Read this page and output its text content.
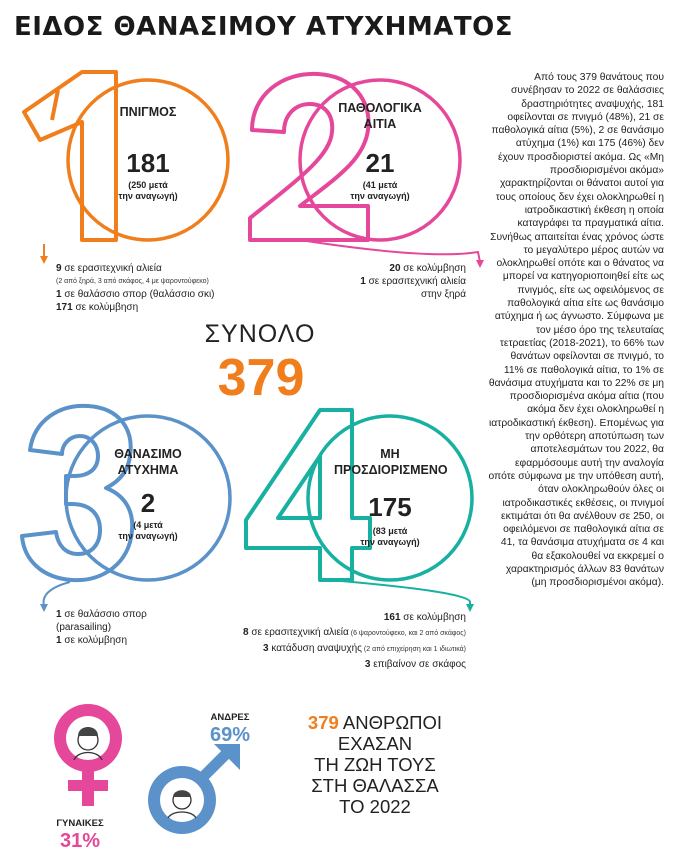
ΕΙΔΟΣ ΘΑΝΑΣΙΜΟΥ ΑΤΥΧΗΜΑΤΟΣ
ΠΝΙΓΜΟΣ
181
(250 μετά
την αναγωγή)
ΠΑΘΟΛΟΓΙΚΑ
ΑΙΤΙΑ
21
(41 μετά
την αναγωγή)
9 σε ερασιτεχνική αλιεία
(2 από ξηρά, 3 από σκάφος, 4 με ψαροντούφεκο)
1 σε θαλάσσιο σπορ (θαλάσσιο σκι)
171 σε κολύμβηση
20 σε κολύμβηση
1 σε ερασιτεχνική αλιεία
στην ξηρά
ΣΥΝΟΛΟ
379
ΘΑΝΑΣΙΜΟ
ΑΤΥΧΗΜΑ
2
(4 μετά
την αναγωγή)
ΜΗ
ΠΡΟΣΔΙΟΡΙΣΜΕΝΟ
175
(83 μετά
την αναγωγή)
1 σε θαλάσσιο σπορ
(parasailing)
1 σε κολύμβηση
161 σε κολύμβηση
8 σε ερασιτεχνική αλιεία (6 ψαροντούφεκο, και 2 από σκάφος)
3 κατάδυση αναψυχής (2 από επιχείρηση και 1 ιδιωτικά)
3 επιβαίνον σε σκάφος
Από τους 379 θανάτους που συνέβησαν το 2022 σε θαλάσσιες δραστηριότητες αναψυχής, 181 οφείλονται σε πνιγμό (48%), 21 σε παθολογικά αίτια (5%), 2 σε θανάσιμο ατύχημα (1%) και 175 (46%) δεν έχουν προσδιοριστεί ακόμα. Ως «Μη προσδιορισμένοι ακόμα» χαρακτηρίζονται οι θάνατοι αυτοί για τους οποίους δεν έχει ολοκληρωθεί η ιατροδικαστική έκθεση η οποία καταγράφει τα πραγματικά αίτια. Συνήθως απαιτείται ένας χρόνος ώστε το μεγαλύτερο μέρος αυτών να ολοκληρωθεί οπότε και ο θάνατος να μπορεί να κατηγοριοποιηθεί είτε ως πνιγμός, είτε ως οφειλόμενος σε παθολογικά αίτια είτε ως θανάσιμο ατύχημα ή ως άγνωστο. Σύμφωνα με τον μέσο όρο της τελευταίας τετραετίας (2018-2021), το 66% των θανάτων οφείλονται σε πνιγμό, το 11% σε παθολογικά αίτια, το 1% σε θανάσιμα ατυχήματα και το 22% σε μη προσδιορισμένα ακόμα αίτια (που ακόμα δεν έχει ολοκληρωθεί η ιατροδικαστική έκθεση). Επομένως για την ορθότερη αποτύπωση των αποτελεσμάτων του 2022, θα εφαρμόσουμε αυτή την αναλογία οπότε σύμφωνα με την υπόθεση αυτή, όταν ολοκληρωθούν όλες οι ιατροδικαστικές εκθέσεις, οι πνιγμοί εκτιμάται ότι θα ανέλθουν σε 250, οι οφειλόμενοι σε παθολογικά αίτια σε 41, τα θανάσιμα ατυχήματα σε 4 και θα εξακολουθεί να εκκρεμεί ο χαρακτηρισμός άλλων 83 θανάτων (μη προσδιορισμένοι ακόμα).
ΓΥΝΑΙΚΕΣ
31%
ΑΝΔΡΕΣ
69%
379 ΑΝΘΡΩΠΟΙ
ΕΧΑΣΑΝ
ΤΗ ΖΩΗ ΤΟΥΣ
ΣΤΗ ΘΑΛΑΣΣΑ
ΤΟ 2022
